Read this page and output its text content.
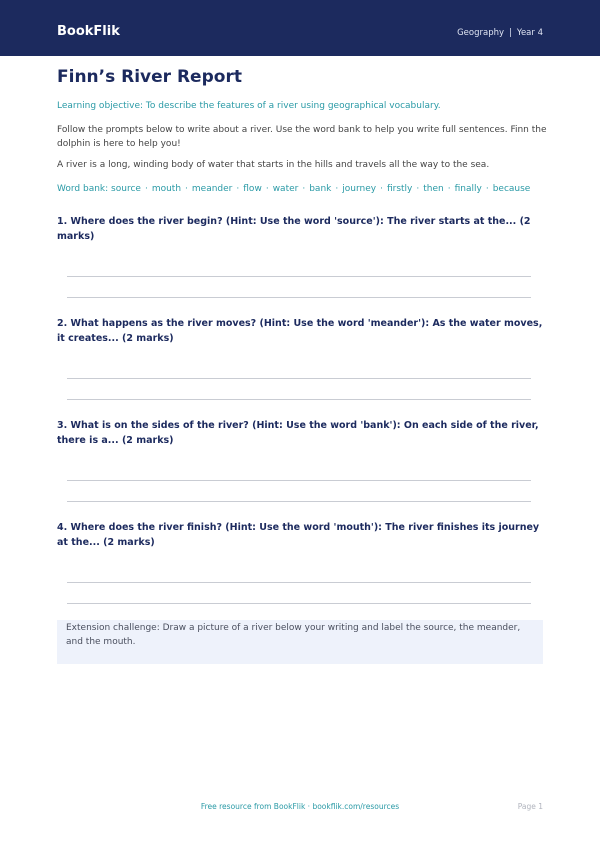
BookFlik	Geography | Year 4
Finn’s River Report

Learning objective: To describe the features of a river using geographical vocabulary.

Follow the prompts below to write about a river. Use the word bank to help you write full sentences. Finn the dolphin is here to help you!

A river is a long, winding body of water that starts in the hills and travels all the way to the sea.

Word bank: source · mouth · meander · flow · water · bank · journey · firstly · then · finally · because

1. Where does the river begin? (Hint: Use the word 'source'): The river starts at the... (2 marks)
2. What happens as the river moves? (Hint: Use the word 'meander'): As the water moves, it creates... (2 marks)
3. What is on the sides of the river? (Hint: Use the word 'bank'): On each side of the river, there is a... (2 marks)
4. Where does the river finish? (Hint: Use the word 'mouth'): The river finishes its journey at the... (2 marks)
Extension challenge: Draw a picture of a river below your writing and label the source, the meander, and the mouth.
Free resource from BookFlik · bookflik.com/resources	Page 1
